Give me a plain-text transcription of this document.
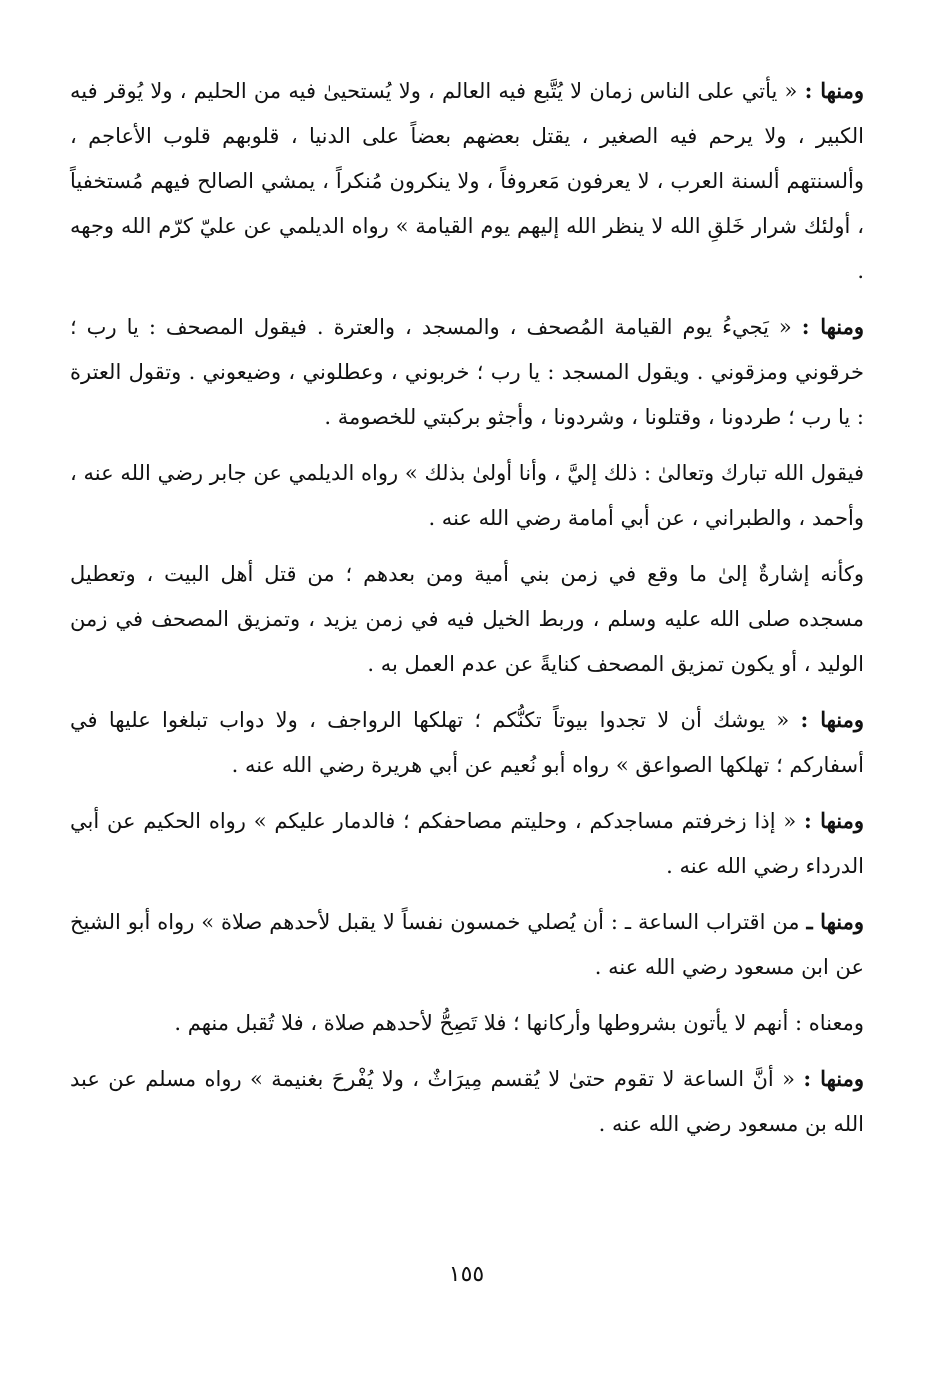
ومنها : « يأتي على الناس زمان لا يُتَّبع فيه العالم ، ولا يُستحيىٰ فيه من الحليم ، ولا يُوقر فيه الكبير ، ولا يرحم فيه الصغير ، يقتل بعضهم بعضاً على الدنيا ، قلوبهم قلوب الأعاجم ، وألسنتهم ألسنة العرب ، لا يعرفون مَعروفاً ، ولا ينكرون مُنكراً ، يمشي الصالح فيهم مُستخفياً ، أولئك شرار خَلقِ الله لا ينظر الله إليهم يوم القيامة » رواه الديلمي عن عليّ كرّم الله وجهه .

ومنها : « يَجيءُ يوم القيامة المُصحف ، والمسجد ، والعترة . فيقول المصحف : يا رب ؛ خرقوني ومزقوني . ويقول المسجد : يا رب ؛ خربوني ، وعطلوني ، وضيعوني . وتقول العترة : يا رب ؛ طردونا ، وقتلونا ، وشردونا ، وأجثو بركبتي للخصومة .

فيقول الله تبارك وتعالىٰ : ذلك إليَّ ، وأنا أولىٰ بذلك » رواه الديلمي عن جابر رضي الله عنه ، وأحمد ، والطبراني ، عن أبي أمامة رضي الله عنه .

وكأنه إشارةٌ إلىٰ ما وقع في زمن بني أمية ومن بعدهم ؛ من قتل أهل البيت ، وتعطيل مسجده صلى الله عليه وسلم ، وربط الخيل فيه في زمن يزيد ، وتمزيق المصحف في زمن الوليد ، أو يكون تمزيق المصحف كنايةً عن عدم العمل به .

ومنها : « يوشك أن لا تجدوا بيوتاً تكنُّكم ؛ تهلكها الرواجف ، ولا دواب تبلغوا عليها في أسفاركم ؛ تهلكها الصواعق » رواه أبو نُعيم عن أبي هريرة رضي الله عنه .

ومنها : « إذا زخرفتم مساجدكم ، وحليتم مصاحفكم ؛ فالدمار عليكم » رواه الحكيم عن أبي الدرداء رضي الله عنه .

ومنها ـ من اقتراب الساعة ـ : أن يُصلي خمسون نفساً لا يقبل لأحدهم صلاة » رواه أبو الشيخ عن ابن مسعود رضي الله عنه .

ومعناه : أنهم لا يأتون بشروطها وأركانها ؛ فلا تَصِحُّ لأحدهم صلاة ، فلا تُقبل منهم .

ومنها : « أنَّ الساعة لا تقوم حتىٰ لا يُقسم مِيرَاثٌ ، ولا يُفْرحَ بغنيمة » رواه مسلم عن عبد الله بن مسعود رضي الله عنه .

١٥٥
